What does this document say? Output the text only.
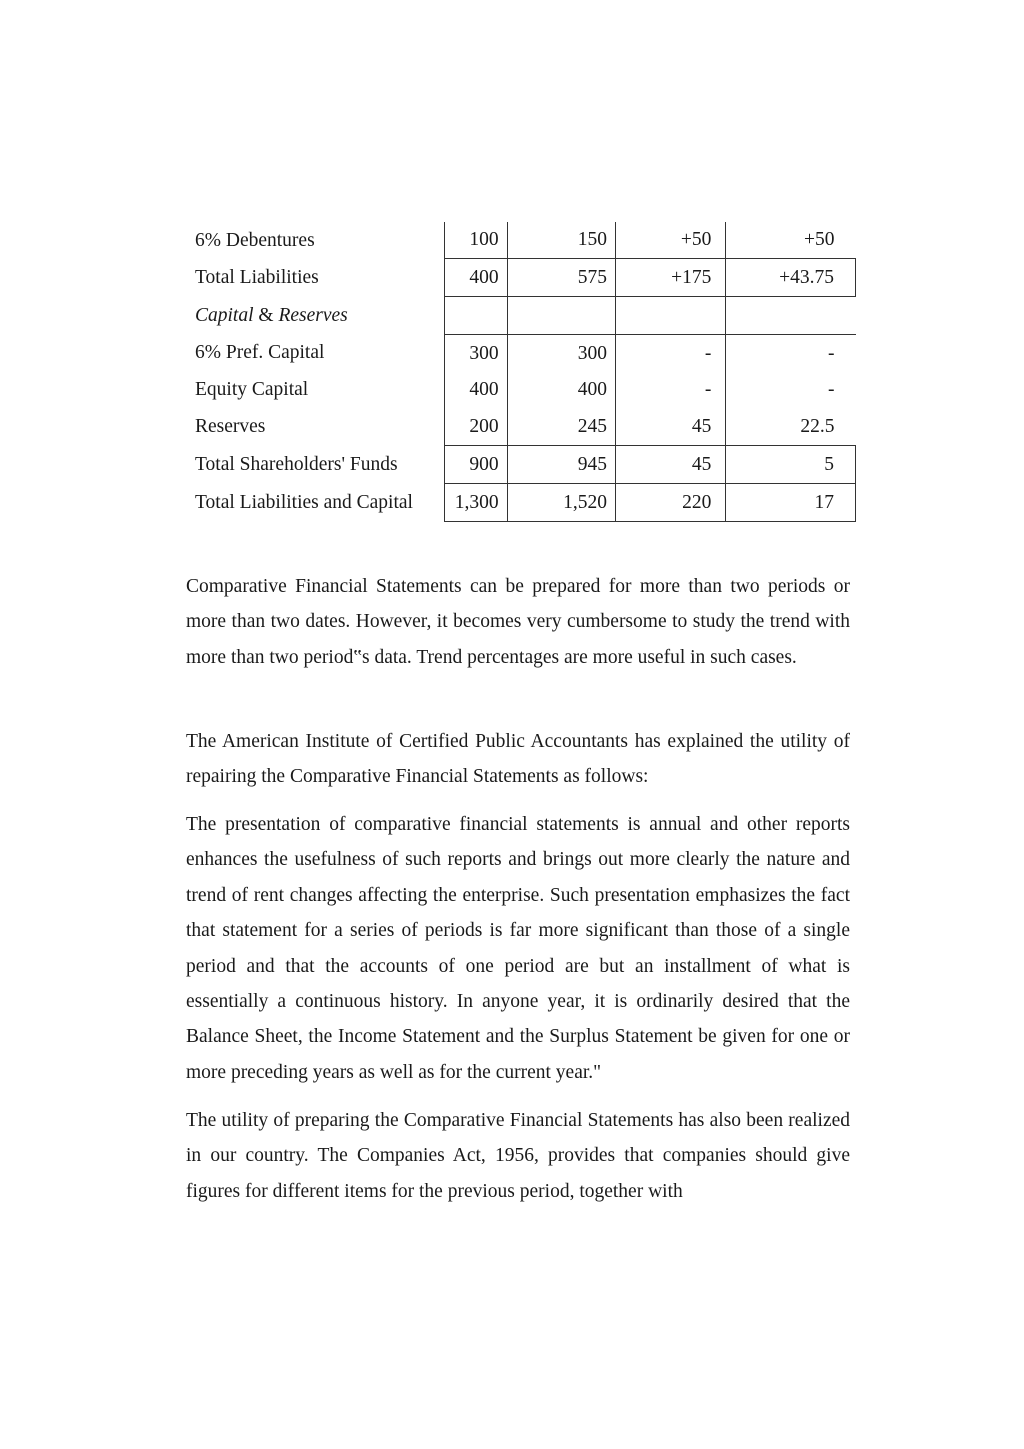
6% Debentures	100	150	+50	+50
Total Liabilities	400	575	+175	+43.75
Capital & Reserves				
6% Pref. Capital	300	300	-	-
Equity Capital	400	400	-	-
Reserves	200	245	45	22.5
Total Shareholders' Funds	900	945	45	5
Total Liabilities and Capital	1,300	1,520	220	17

Comparative Financial Statements can be prepared for more than two periods or more than two dates. However, it becomes very cumbersome to study the trend with more than two period‟s data. Trend percentages are more useful in such cases.

The American Institute of Certified Public Accountants has explained the utility of repairing the Comparative Financial Statements as follows:

The presentation of comparative financial statements is annual and other reports enhances the usefulness of such reports and brings out more clearly the nature and trend of rent changes affecting the enterprise. Such presentation emphasizes the fact that statement for a series of periods is far more significant than those of a single period and that the accounts of one period are but an installment of what is essentially a continuous history. In anyone year, it is ordinarily desired that the Balance Sheet, the Income Statement and the Surplus Statement be given for one or more preceding years as well as for the current year."

The utility of preparing the Comparative Financial Statements has also been realized in our country. The Companies Act, 1956, provides that companies should give figures for different items for the previous period, together with
